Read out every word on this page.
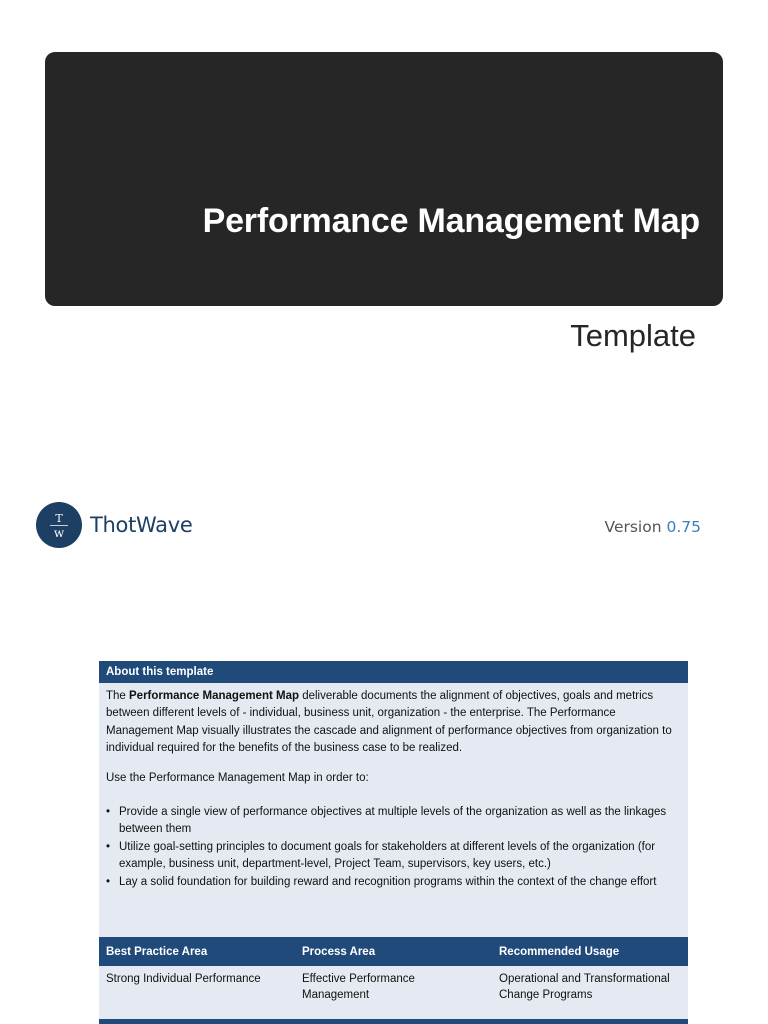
Performance Management Map
Template
T
w ThotWave	Version 0.75
About this template

The Performance Management Map deliverable documents the alignment of objectives, goals and metrics between different levels of - individual, business unit, organization - the enterprise. The Performance Management Map visually illustrates the cascade and alignment of performance objectives from organization to individual required for the benefits of the business case to be realized.

Use the Performance Management Map in order to:

• Provide a single view of performance objectives at multiple levels of the organization as well as the linkages between them
• Utilize goal-setting principles to document goals for stakeholders at different levels of the organization (for example, business unit, department-level, Project Team, supervisors, key users, etc.)
• Lay a solid foundation for building reward and recognition programs within the context of the change effort
Best Practice Area	Process Area	Recommended Usage
Strong Individual Performance	Effective Performance Management	Operational and Transformational Change Programs
